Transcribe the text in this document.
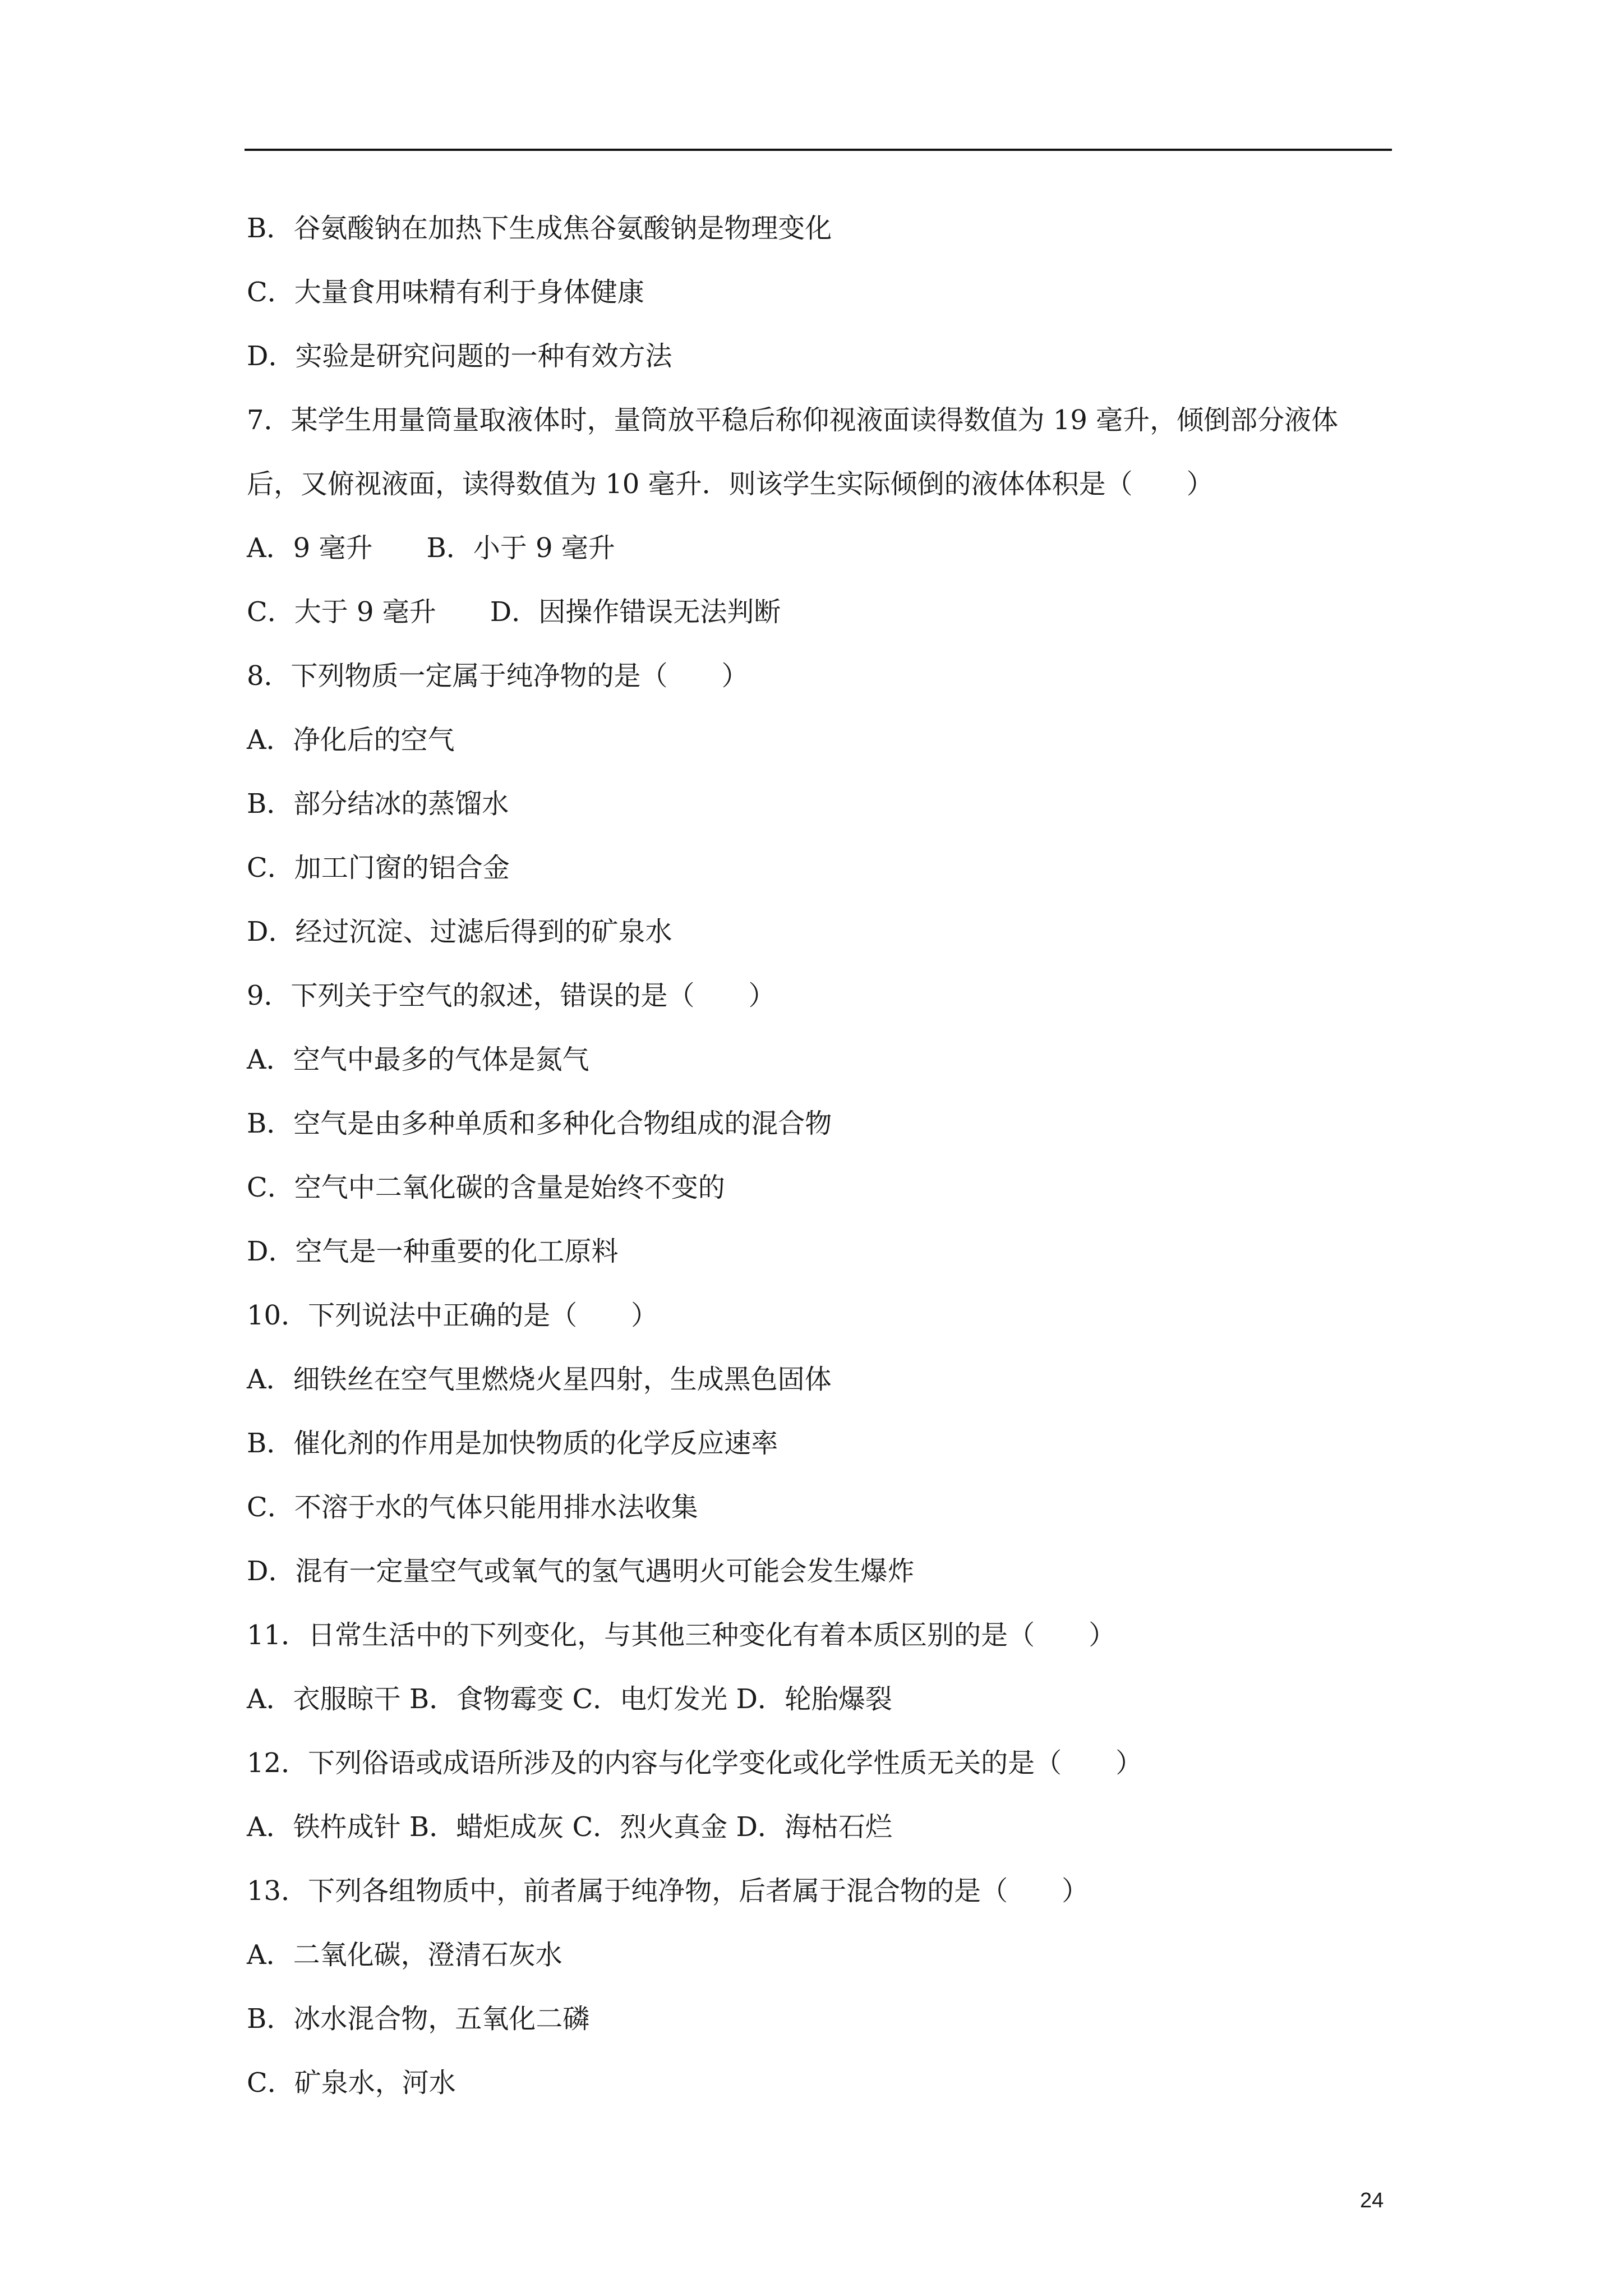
B．谷氨酸钠在加热下生成焦谷氨酸钠是物理变化
C．大量食用味精有利于身体健康
D．实验是研究问题的一种有效方法
7．某学生用量筒量取液体时，量筒放平稳后称仰视液面读得数值为 19 毫升，倾倒部分液体
后，又俯视液面，读得数值为 10 毫升．则该学生实际倾倒的液体体积是（　　）
A．9 毫升　　B．小于 9 毫升
C．大于 9 毫升　　D．因操作错误无法判断
8．下列物质一定属于纯净物的是（　　）
A．净化后的空气
B．部分结冰的蒸馏水
C．加工门窗的铝合金
D．经过沉淀、过滤后得到的矿泉水
9．下列关于空气的叙述，错误的是（　　）
A．空气中最多的气体是氮气
B．空气是由多种单质和多种化合物组成的混合物
C．空气中二氧化碳的含量是始终不变的
D．空气是一种重要的化工原料
10．下列说法中正确的是（　　）
A．细铁丝在空气里燃烧火星四射，生成黑色固体
B．催化剂的作用是加快物质的化学反应速率
C．不溶于水的气体只能用排水法收集
D．混有一定量空气或氧气的氢气遇明火可能会发生爆炸
11．日常生活中的下列变化，与其他三种变化有着本质区别的是（　　）
A．衣服晾干 B．食物霉变 C．电灯发光 D．轮胎爆裂
12．下列俗语或成语所涉及的内容与化学变化或化学性质无关的是（　　）
A．铁杵成针 B．蜡炬成灰 C．烈火真金 D．海枯石烂
13．下列各组物质中，前者属于纯净物，后者属于混合物的是（　　）
A．二氧化碳，澄清石灰水
B．冰水混合物，五氧化二磷
C．矿泉水，河水
24
